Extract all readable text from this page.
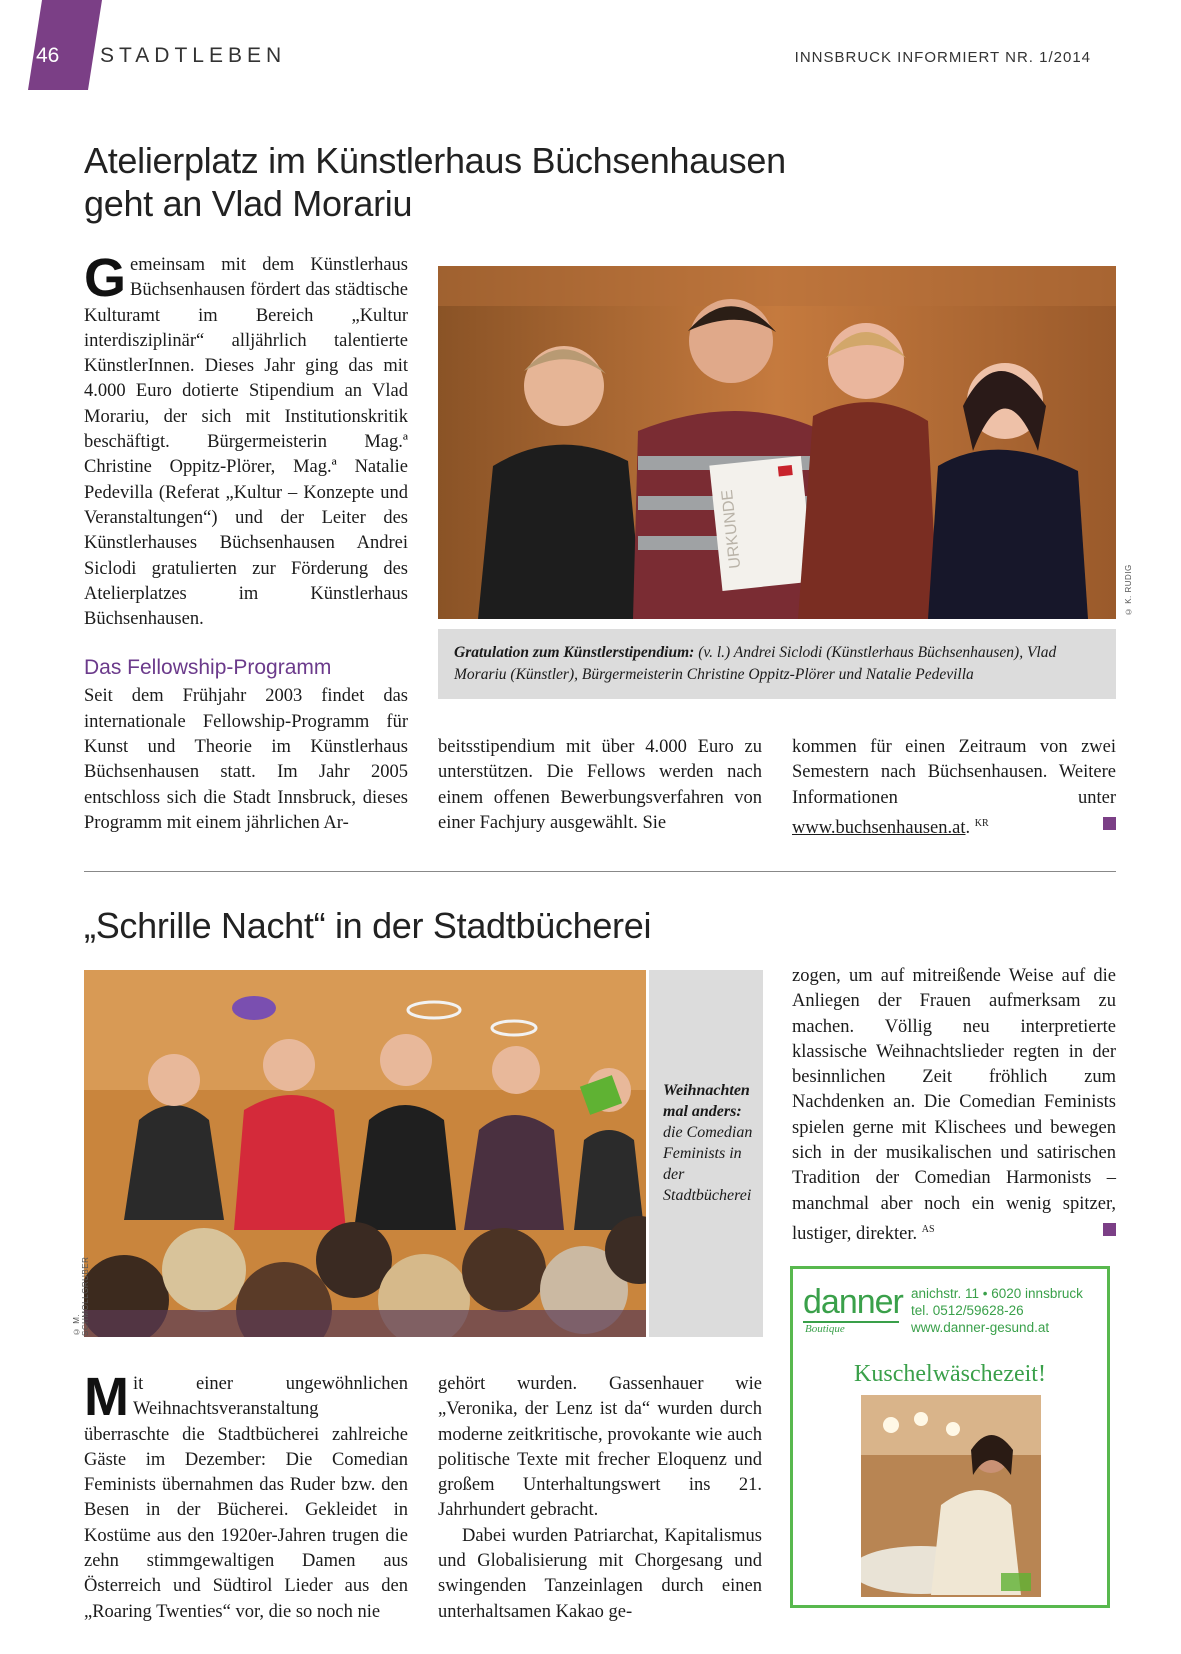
46	STADTLEBEN	INNSBRUCK INFORMIERT NR. 1/2014
Atelierplatz im Künstlerhaus Büchsenhausen
geht an Vlad Morariu

Gemeinsam mit dem Künstlerhaus Büchsenhausen fördert das städtische Kulturamt im Bereich „Kultur interdisziplinär“ alljährlich talentierte KünstlerInnen. Dieses Jahr ging das mit 4.000 Euro dotierte Stipendium an Vlad Morariu, der sich mit Institutionskritik beschäftigt. Bürgermeisterin Mag.ª Christine Oppitz-Plörer, Mag.ª Natalie Pedevilla (Referat „Kultur – Konzepte und Veranstaltungen“) und der Leiter des Künstlerhauses Büchsenhausen Andrei Siclodi gratulierten zur Förderung des Atelierplatzes im Künstlerhaus Büchsenhausen.

Das Fellowship-Programm

Seit dem Frühjahr 2003 findet das internationale Fellowship-Programm für Kunst und Theorie im Künstlerhaus Büchsenhausen statt. Im Jahr 2005 entschloss sich die Stadt Innsbruck, dieses Programm mit einem jährlichen Ar-

URKUNDE
© K. RUDIG
Gratulation zum Künstlerstipendium: (v. l.) Andrei Siclodi (Künstlerhaus Büchsenhausen), Vlad Morariu (Künstler), Bürgermeisterin Christine Oppitz-Plörer und Natalie Pedevilla

beitsstipendium mit über 4.000 Euro zu unterstützen. Die Fellows werden nach einem offenen Bewerbungsverfahren von einer Fachjury ausgewählt. Sie

kommen für einen Zeitraum von zwei Semestern nach Büchsenhausen. Weitere Informationen unter www.buchsenhausen.at. $^{KR}$

„Schrille Nacht“ in der Stadtbücherei
© M. SCHMOLLGRUBER
Weihnachten mal anders: die Comedian Feminists in der Stadtbücherei

zogen, um auf mitreißende Weise auf die Anliegen der Frauen aufmerksam zu machen. Völlig neu interpretierte klassische Weihnachtslieder regten in der besinnlichen Zeit fröhlich zum Nachdenken an. Die Comedian Feminists spielen gerne mit Klischees und bewegen sich in der musikalischen und satirischen Tradition der Comedian Harmonists – manchmal aber noch ein wenig spitzer, lustiger, direkter. $^{AS}$

Mit einer ungewöhnlichen Weihnachtsveranstaltung überraschte die Stadtbücherei zahlreiche Gäste im Dezember: Die Comedian Feminists übernahmen das Ruder bzw. den Besen in der Bücherei. Gekleidet in Kostüme aus den 1920er-Jahren trugen die zehn stimmgewaltigen Damen aus Österreich und Südtirol Lieder aus den „Roaring Twenties“ vor, die so noch nie

gehört wurden. Gassenhauer wie „Veronika, der Lenz ist da“ wurden durch moderne zeitkritische, provokante wie auch politische Texte mit frecher Eloquenz und großem Unterhaltungswert ins 21. Jahrhundert gebracht.

Dabei wurden Patriarchat, Kapitalismus und Globalisierung mit Chorgesang und swingenden Tanzeinlagen durch einen unterhaltsamen Kakao ge-

danner
Boutique
anichstr. 11 • 6020 innsbruck
tel. 0512/59628-26
www.danner-gesund.at
Kuschelwäschezeit!
